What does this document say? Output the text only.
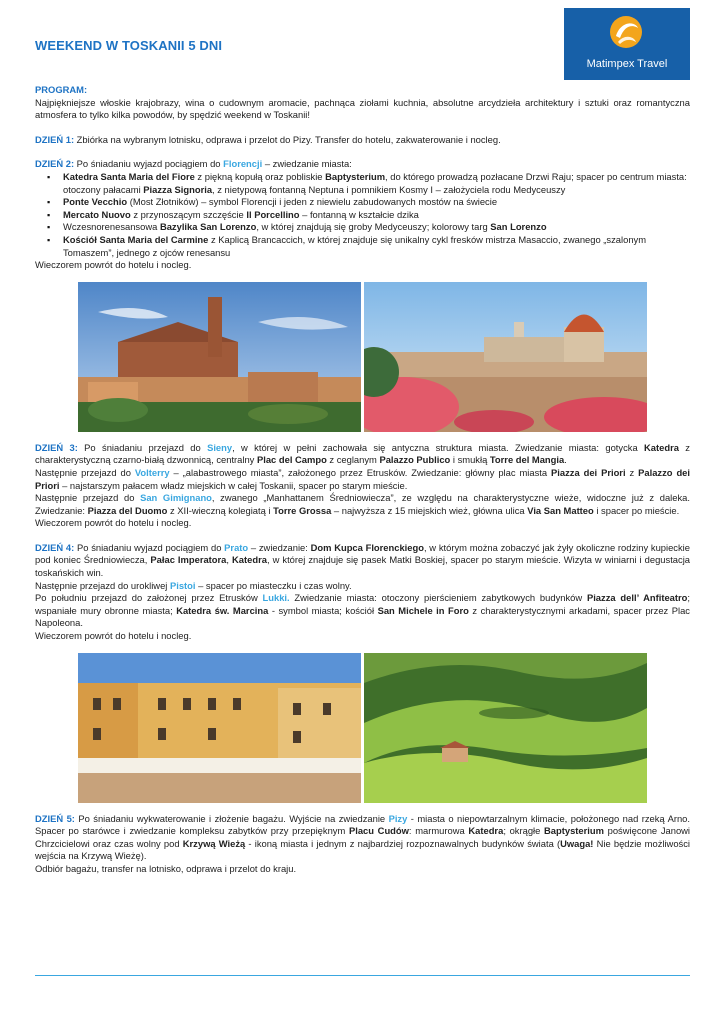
WEEKEND W TOSKANII 5 DNI
Matimpex Travel

PROGRAM:

Najpiękniejsze włoskie krajobrazy, wina o cudownym aromacie, pachnąca ziołami kuchnia, absolutne arcydzieła architektury i sztuki oraz romantyczna atmosfera to tylko kilka powodów, by spędzić weekend w Toskanii!

DZIEŃ 1: Zbiórka na wybranym lotnisku, odprawa i przelot do Pizy. Transfer do hotelu, zakwaterowanie i nocleg.

DZIEŃ 2: Po śniadaniu wyjazd pociągiem do Florencji – zwiedzanie miasta:

▪ Katedra Santa Maria del Fiore z piękną kopułą oraz pobliskie Baptysterium, do którego prowadzą pozłacane Drzwi Raju; spacer po centrum miasta: otoczony pałacami Piazza Signoria, z nietypową fontanną Neptuna i pomnikiem Kosmy I – założyciela rodu Medyceuszy
▪ Ponte Vecchio (Most Złotników) – symbol Florencji i jeden z niewielu zabudowanych mostów na świecie
▪ Mercato Nuovo z przynoszącym szczęście Il Porcellino – fontanną w kształcie dzika
▪ Wczesnorenesansowa Bazylika San Lorenzo, w której znajdują się groby Medyceuszy; kolorowy targ San Lorenzo
▪ Kościół Santa Maria del Carmine z Kaplicą Brancaccich, w której znajduje się unikalny cykl fresków mistrza Masaccio, zwanego „szalonym Tomaszem”, jednego z ojców renesansu

Wieczorem powrót do hotelu i nocleg.

DZIEŃ 3: Po śniadaniu przejazd do Sieny, w której w pełni zachowała się antyczna struktura miasta. Zwiedzanie miasta: gotycka Katedra z charakterystyczną czarno-białą dzwonnicą, centralny Plac del Campo z ceglanym Palazzo Publico i smukłą Torre del Mangia.

Następnie przejazd do Volterry – „alabastrowego miasta”, założonego przez Etrusków. Zwiedzanie: główny plac miasta Piazza dei Priori z Palazzo dei Priori – najstarszym pałacem władz miejskich w całej Toskanii, spacer po starym mieście.

Następnie przejazd do San Gimignano, zwanego „Manhattanem Średniowiecza”, ze względu na charakterystyczne wieże, widoczne już z daleka. Zwiedzanie: Piazza del Duomo z XII-wieczną kolegiatą i Torre Grossa – najwyższa z 15 miejskich wież, główna ulica Via San Matteo i spacer po mieście.

Wieczorem powrót do hotelu i nocleg.

DZIEŃ 4: Po śniadaniu wyjazd pociągiem do Prato – zwiedzanie: Dom Kupca Florenckiego, w którym można zobaczyć jak żyły okoliczne rodziny kupieckie pod koniec Średniowiecza, Pałac Imperatora, Katedra, w której znajduje się pasek Matki Boskiej, spacer po starym mieście. Wizyta w winiarni i degustacja toskańskich win.

Następnie przejazd do urokliwej Pistoi – spacer po miasteczku i czas wolny.

Po południu przejazd do założonej przez Etrusków Lukki. Zwiedzanie miasta: otoczony pierścieniem zabytkowych budynków Piazza dell’ Anfiteatro; wspaniałe mury obronne miasta; Katedra św. Marcina - symbol miasta; kościół San Michele in Foro z charakterystycznymi arkadami, spacer przez Plac Napoleona.

Wieczorem powrót do hotelu i nocleg.

DZIEŃ 5: Po śniadaniu wykwaterowanie i złożenie bagażu. Wyjście na zwiedzanie Pizy - miasta o niepowtarzalnym klimacie, położonego nad rzeką Arno. Spacer po starówce i zwiedzanie kompleksu zabytków przy przepięknym Placu Cudów: marmurowa Katedra; okrągłe Baptysterium poświęcone Janowi Chrzcicielowi oraz czas wolny pod Krzywą Wieżą - ikoną miasta i jednym z najbardziej rozpoznawalnych budynków świata (Uwaga! Nie będzie możliwości wejścia na Krzywą Wieżę).

Odbiór bagażu, transfer na lotnisko, odprawa i przelot do kraju.
